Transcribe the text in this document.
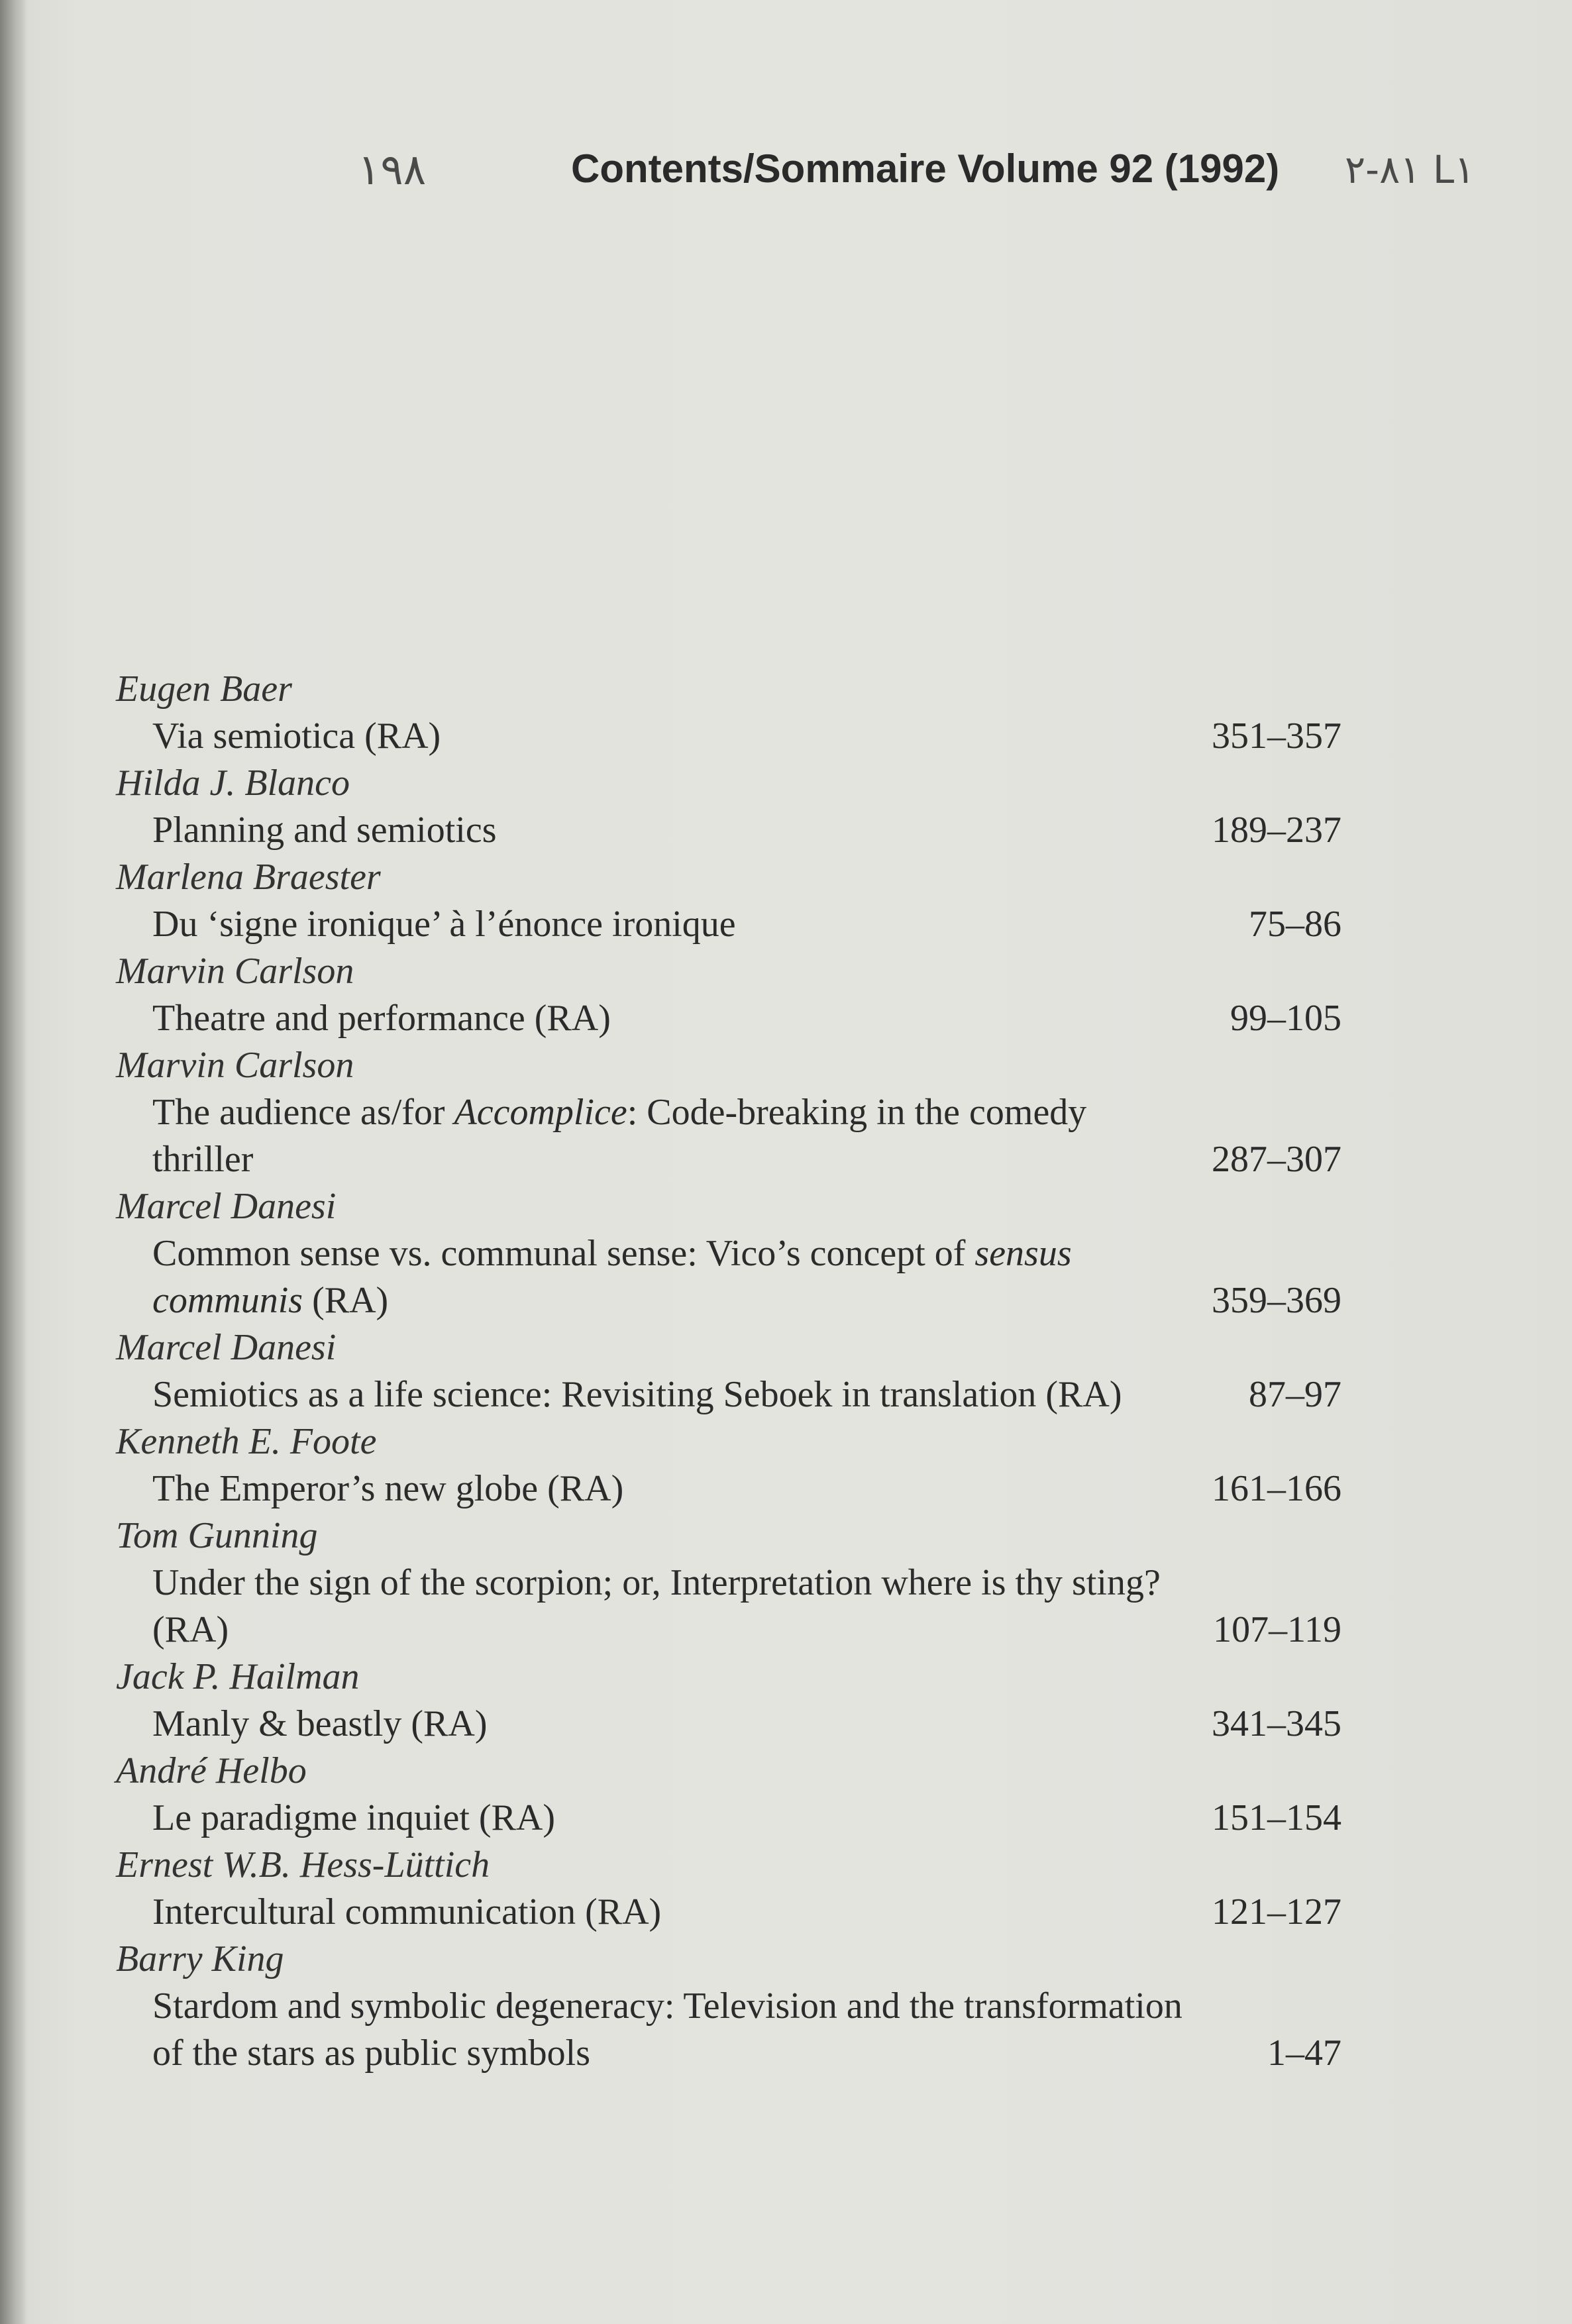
١٩٨	Contents/Sommaire Volume 92 (1992) ٨١-٢ L١
Eugen Baer
Via semiotica (RA)	351–357
Hilda J. Blanco
Planning and semiotics	189–237
Marlena Braester
Du ‘signe ironique’ à l’énonce ironique	75–86
Marvin Carlson
Theatre and performance (RA)	99–105
Marvin Carlson
The audience as/for Accomplice: Code-breaking in the comedy thriller	287–307
Marcel Danesi
Common sense vs. communal sense: Vico’s concept of sensus communis (RA)	359–369
Marcel Danesi
Semiotics as a life science: Revisiting Seboek in translation (RA)	87–97
Kenneth E. Foote
The Emperor’s new globe (RA)	161–166
Tom Gunning
Under the sign of the scorpion; or, Interpretation where is thy sting? (RA)	107–119
Jack P. Hailman
Manly & beastly (RA)	341–345
André Helbo
Le paradigme inquiet (RA)	151–154
Ernest W.B. Hess-Lüttich
Intercultural communication (RA)	121–127
Barry King
Stardom and symbolic degeneracy: Television and the transformation of the stars as public symbols	1–47
